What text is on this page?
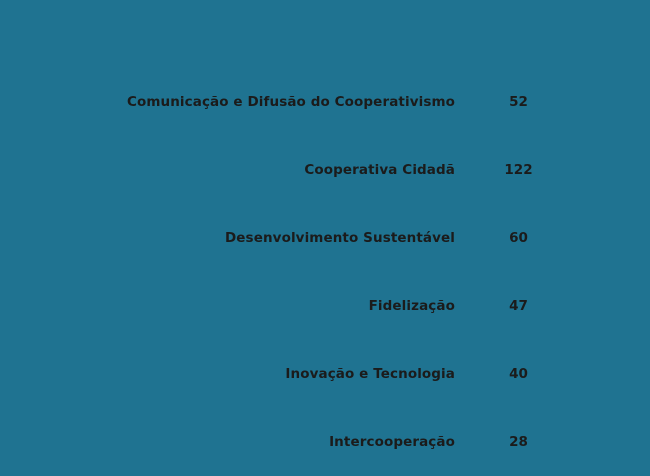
Comunicação e Difusão do Cooperativismo	52
Cooperativa Cidadã	122
Desenvolvimento Sustentável	60
Fidelização	47
Inovação e Tecnologia	40
Intercooperação	28
